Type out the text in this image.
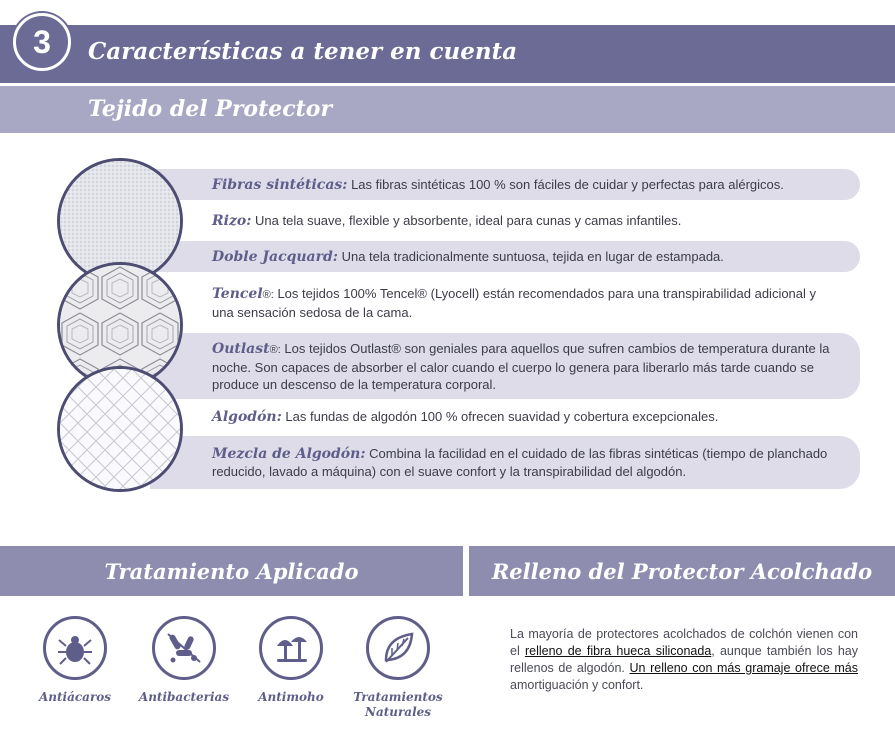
3	Características a tener en cuenta
Tejido del Protector
Fibras sintéticas: Las fibras sintéticas 100 % son fáciles de cuidar y perfectas para alérgicos.
Rizo: Una tela suave, flexible y absorbente, ideal para cunas y camas infantiles.
Doble Jacquard: Una tela tradicionalmente suntuosa, tejida en lugar de estampada.
Tencel®: Los tejidos 100% Tencel® (Lyocell) están recomendados para una transpirabilidad adicional y una sensación sedosa de la cama.
Outlast®: Los tejidos Outlast® son geniales para aquellos que sufren cambios de temperatura durante la noche. Son capaces de absorber el calor cuando el cuerpo lo genera para liberarlo más tarde cuando se produce un descenso de la temperatura corporal.
Algodón: Las fundas de algodón 100 % ofrecen suavidad y cobertura excepcionales.
Mezcla de Algodón: Combina la facilidad en el cuidado de las fibras sintéticas (tiempo de planchado reducido, lavado a máquina) con el suave confort y la transpirabilidad del algodón.
Tratamiento Aplicado	Relleno del Protector Acolchado
Antiácaros	Antibacterias	Antimoho	Tratamientos Naturales
La mayoría de protectores acolchados de colchón vienen con el relleno de fibra hueca siliconada, aunque también los hay rellenos de algodón. Un relleno con más gramaje ofrece más amortiguación y confort.
